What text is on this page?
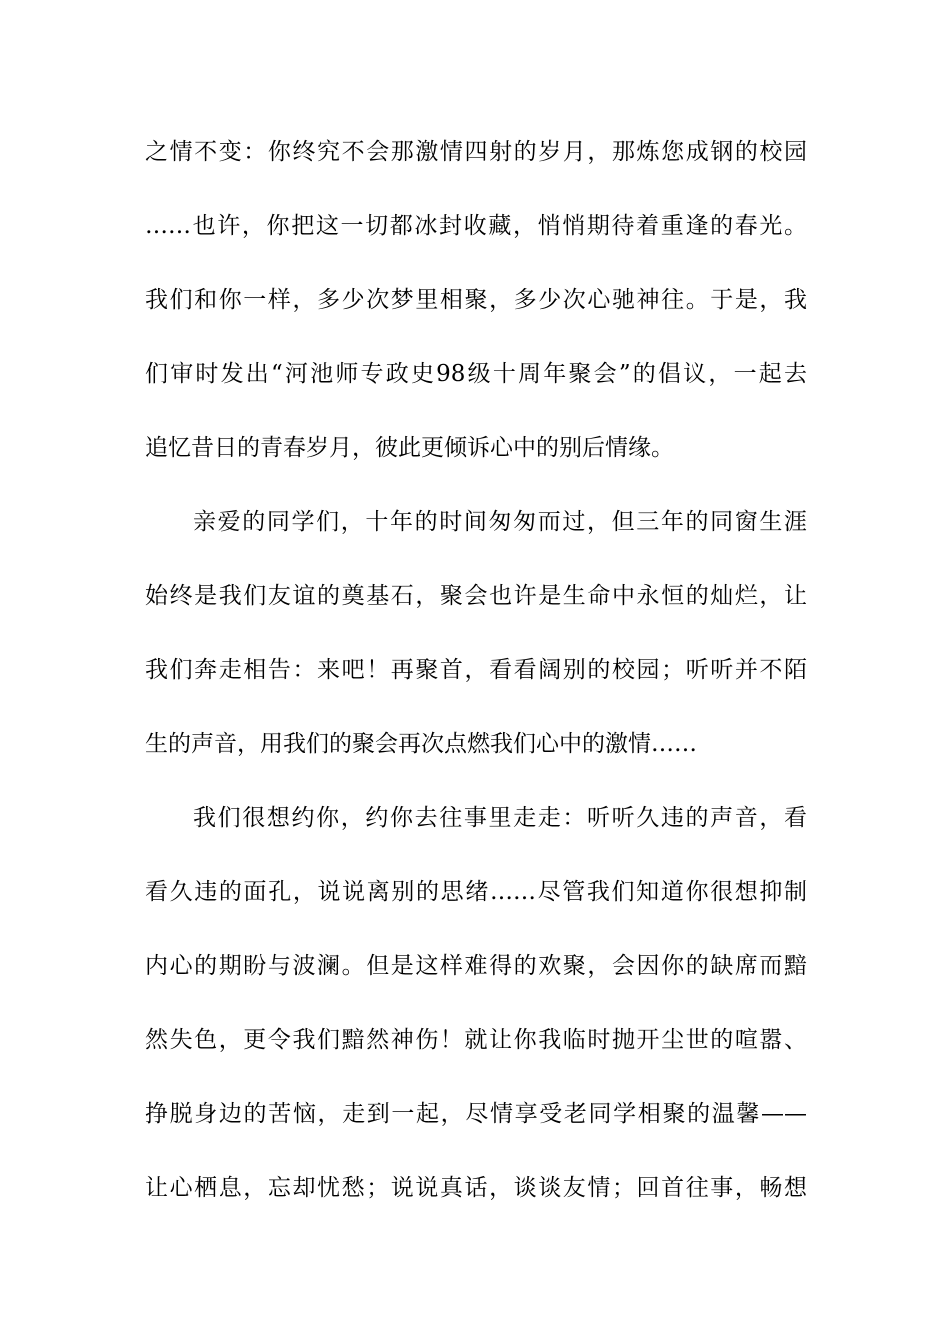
之情不变：你终究不会那激情四射的岁月，那炼您成钢的校园
……也许，你把这一切都冰封收藏，悄悄期待着重逢的春光。
我们和你一样，多少次梦里相聚，多少次心驰神往。于是，我
们审时发出“河池师专政史98级十周年聚会”的倡议，一起去
追忆昔日的青春岁月，彼此更倾诉心中的别后情缘。
亲爱的同学们，十年的时间匆匆而过，但三年的同窗生涯
始终是我们友谊的奠基石，聚会也许是生命中永恒的灿烂，让
我们奔走相告：来吧！再聚首，看看阔别的校园；听听并不陌
生的声音，用我们的聚会再次点燃我们心中的激情……
我们很想约你，约你去往事里走走：听听久违的声音，看
看久违的面孔，说说离别的思绪……尽管我们知道你很想抑制
内心的期盼与波澜。但是这样难得的欢聚，会因你的缺席而黯
然失色，更令我们黯然神伤！就让你我临时抛开尘世的喧嚣、
挣脱身边的苦恼，走到一起，尽情享受老同学相聚的温馨——
让心栖息，忘却忧愁；说说真话，谈谈友情；回首往事，畅想
